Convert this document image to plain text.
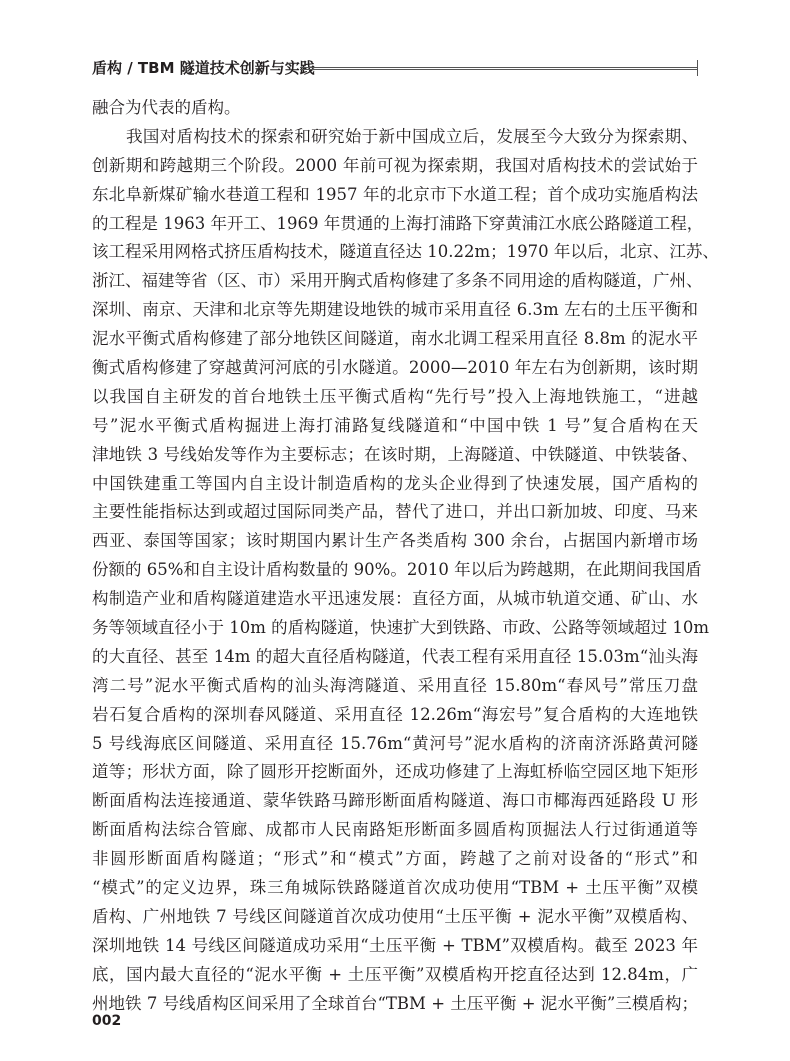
盾构 / TBM 隧道技术创新与实践
融合为代表的盾构。
我国对盾构技术的探索和研究始于新中国成立后，发展至今大致分为探索期、
创新期和跨越期三个阶段。2000 年前可视为探索期，我国对盾构技术的尝试始于
东北阜新煤矿输水巷道工程和 1957 年的北京市下水道工程；首个成功实施盾构法
的工程是 1963 年开工、1969 年贯通的上海打浦路下穿黄浦江水底公路隧道工程，
该工程采用网格式挤压盾构技术，隧道直径达 10.22m；1970 年以后，北京、江苏、
浙江、福建等省（区、市）采用开胸式盾构修建了多条不同用途的盾构隧道，广州、
深圳、南京、天津和北京等先期建设地铁的城市采用直径 6.3m 左右的土压平衡和
泥水平衡式盾构修建了部分地铁区间隧道，南水北调工程采用直径 8.8m 的泥水平
衡式盾构修建了穿越黄河河底的引水隧道。2000—2010 年左右为创新期，该时期
以我国自主研发的首台地铁土压平衡式盾构“先行号”投入上海地铁施工，“进越
号”泥水平衡式盾构掘进上海打浦路复线隧道和“中国中铁 1 号”复合盾构在天
津地铁 3 号线始发等作为主要标志；在该时期，上海隧道、中铁隧道、中铁装备、
中国铁建重工等国内自主设计制造盾构的龙头企业得到了快速发展，国产盾构的
主要性能指标达到或超过国际同类产品，替代了进口，并出口新加坡、印度、马来
西亚、泰国等国家；该时期国内累计生产各类盾构 300 余台，占据国内新增市场
份额的 65%和自主设计盾构数量的 90%。2010 年以后为跨越期，在此期间我国盾
构制造产业和盾构隧道建造水平迅速发展：直径方面，从城市轨道交通、矿山、水
务等领域直径小于 10m 的盾构隧道，快速扩大到铁路、市政、公路等领域超过 10m
的大直径、甚至 14m 的超大直径盾构隧道，代表工程有采用直径 15.03m“汕头海
湾二号”泥水平衡式盾构的汕头海湾隧道、采用直径 15.80m“春风号”常压刀盘
岩石复合盾构的深圳春风隧道、采用直径 12.26m“海宏号”复合盾构的大连地铁
5 号线海底区间隧道、采用直径 15.76m“黄河号”泥水盾构的济南济泺路黄河隧
道等；形状方面，除了圆形开挖断面外，还成功修建了上海虹桥临空园区地下矩形
断面盾构法连接通道、蒙华铁路马蹄形断面盾构隧道、海口市椰海西延路段 U 形
断面盾构法综合管廊、成都市人民南路矩形断面多圆盾构顶掘法人行过街通道等
非圆形断面盾构隧道；“形式”和“模式”方面，跨越了之前对设备的“形式”和
“模式”的定义边界，珠三角城际铁路隧道首次成功使用“TBM + 土压平衡”双模
盾构、广州地铁 7 号线区间隧道首次成功使用“土压平衡 + 泥水平衡”双模盾构、
深圳地铁 14 号线区间隧道成功采用“土压平衡 + TBM”双模盾构。截至 2023 年
底，国内最大直径的“泥水平衡 + 土压平衡”双模盾构开挖直径达到 12.84m，广
州地铁 7 号线盾构区间采用了全球首台“TBM + 土压平衡 + 泥水平衡”三模盾构；
002
